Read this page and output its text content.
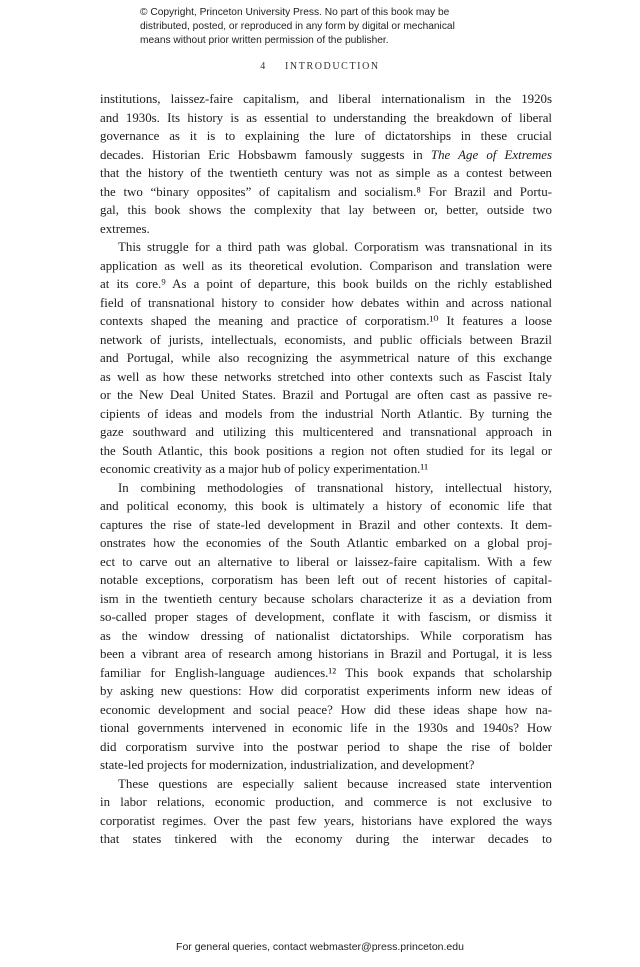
© Copyright, Princeton University Press. No part of this book may be
distributed, posted, or reproduced in any form by digital or mechanical
means without prior written permission of the publisher.
4 INTRODUCTION
institutions, laissez-faire capitalism, and liberal internationalism in the 1920s
and 1930s. Its history is as essential to understanding the breakdown of liberal
governance as it is to explaining the lure of dictatorships in these crucial
decades. Historian Eric Hobsbawm famously suggests in The Age of Extremes
that the history of the twentieth century was not as simple as a contest between
the two “binary opposites” of capitalism and socialism.⁸ For Brazil and Portu-
gal, this book shows the complexity that lay between or, better, outside two
extremes.
This struggle for a third path was global. Corporatism was transnational in its
application as well as its theoretical evolution. Comparison and translation were
at its core.⁹ As a point of departure, this book builds on the richly established
field of transnational history to consider how debates within and across national
contexts shaped the meaning and practice of corporatism.¹⁰ It features a loose
network of jurists, intellectuals, economists, and public officials between Brazil
and Portugal, while also recognizing the asymmetrical nature of this exchange
as well as how these networks stretched into other contexts such as Fascist Italy
or the New Deal United States. Brazil and Portugal are often cast as passive re-
cipients of ideas and models from the industrial North Atlantic. By turning the
gaze southward and utilizing this multicentered and transnational approach in
the South Atlantic, this book positions a region not often studied for its legal or
economic creativity as a major hub of policy experimentation.¹¹
In combining methodologies of transnational history, intellectual history,
and political economy, this book is ultimately a history of economic life that
captures the rise of state-led development in Brazil and other contexts. It dem-
onstrates how the economies of the South Atlantic embarked on a global proj-
ect to carve out an alternative to liberal or laissez-faire capitalism. With a few
notable exceptions, corporatism has been left out of recent histories of capital-
ism in the twentieth century because scholars characterize it as a deviation from
so-called proper stages of development, conflate it with fascism, or dismiss it
as the window dressing of nationalist dictatorships. While corporatism has
been a vibrant area of research among historians in Brazil and Portugal, it is less
familiar for English-language audiences.¹² This book expands that scholarship
by asking new questions: How did corporatist experiments inform new ideas of
economic development and social peace? How did these ideas shape how na-
tional governments intervened in economic life in the 1930s and 1940s? How
did corporatism survive into the postwar period to shape the rise of bolder
state-led projects for modernization, industrialization, and development?
These questions are especially salient because increased state intervention
in labor relations, economic production, and commerce is not exclusive to
corporatist regimes. Over the past few years, historians have explored the ways
that states tinkered with the economy during the interwar decades to
For general queries, contact webmaster@press.princeton.edu
